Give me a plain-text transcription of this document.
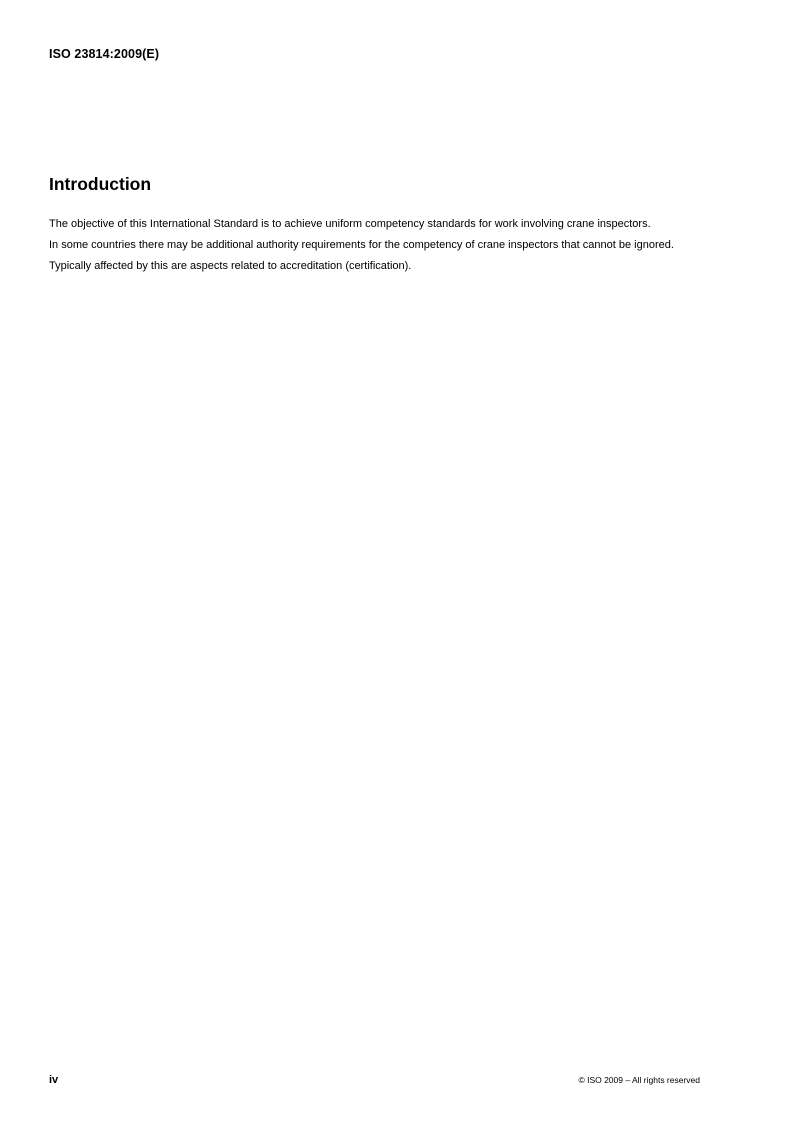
ISO 23814:2009(E)
Introduction

The objective of this International Standard is to achieve uniform competency standards for work involving crane inspectors.

In some countries there may be additional authority requirements for the competency of crane inspectors that cannot be ignored.

Typically affected by this are aspects related to accreditation (certification).

iv	© ISO 2009 – All rights reserved
